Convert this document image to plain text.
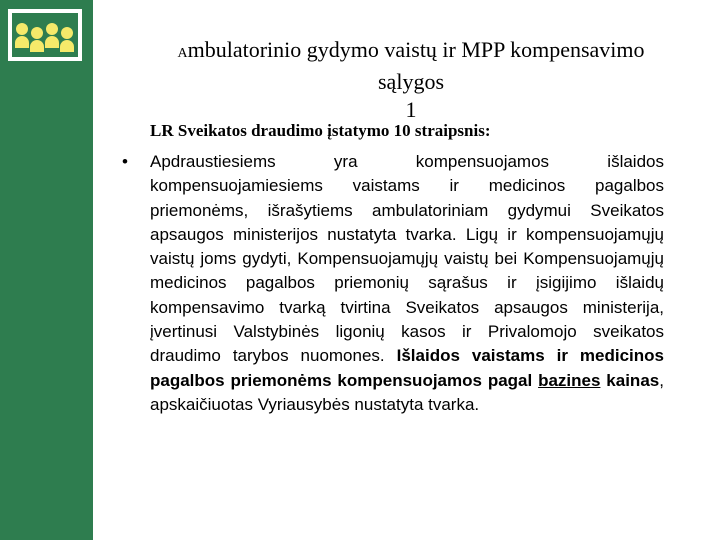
Ambulatorinio gydymo vaistų ir MPP kompensavimo
sąlygos
1
LR Sveikatos draudimo įstatymo 10 straipsnis:
• Apdraustiesiems yra kompensuojamos išlaidos kompensuojamiesiems vaistams ir medicinos pagalbos priemonėms, išrašytiems ambulatoriniam gydymui Sveikatos apsaugos ministerijos nustatyta tvarka. Ligų ir kompensuojamųjų vaistų joms gydyti, Kompensuojamųjų vaistų bei Kompensuojamųjų medicinos pagalbos priemonių sąrašus ir įsigijimo išlaidų kompensavimo tvarką tvirtina Sveikatos apsaugos ministerija, įvertinusi Valstybinės ligonių kasos ir Privalomojo sveikatos draudimo tarybos nuomones. Išlaidos vaistams ir medicinos pagalbos priemonėms kompensuojamos pagal bazines kainas, apskaičiuotas Vyriausybės nustatyta tvarka.
